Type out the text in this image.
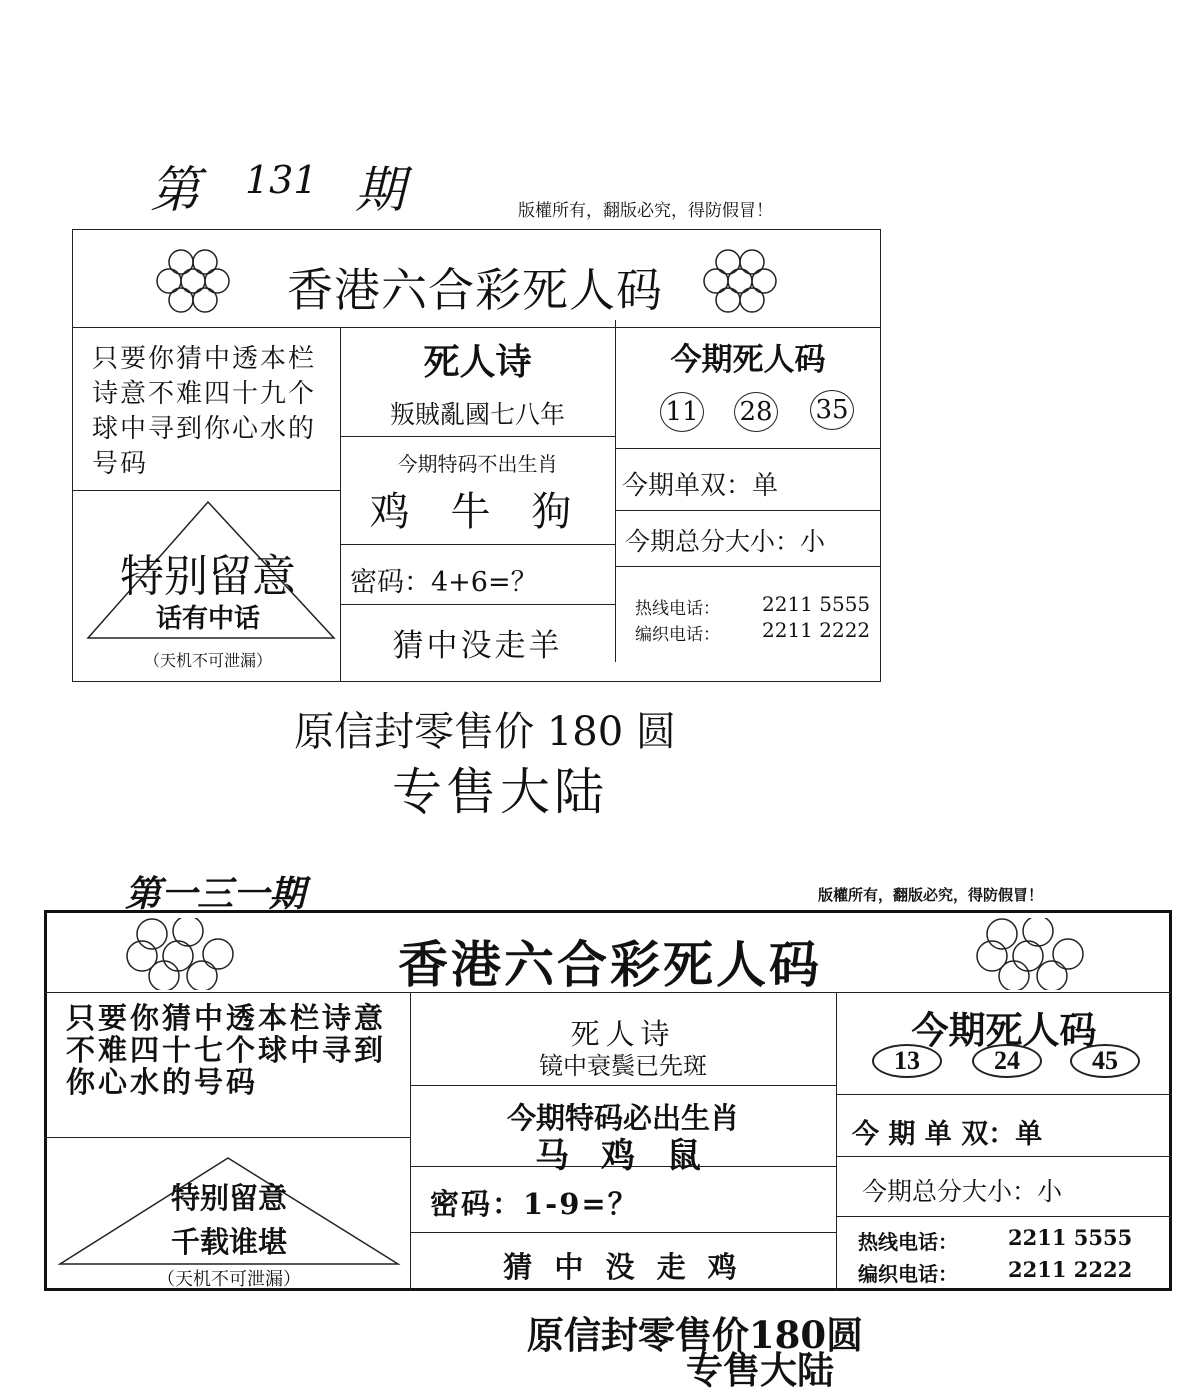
第 131 期	版權所有，翻版必究，得防假冒！
香港六合彩死人码
只要你猜中透本栏诗意不难四十九个球中寻到你心水的号码
特别留意
话有中话
（天机不可泄漏）
死人诗
叛賊亂國七八年
今期特码不出生肖
鸡 牛 狗
密码：4+6=？
猜中没走羊
今期死人码
11 28 35
今期单双：单
今期总分大小：小
热线电话： 2211 5555
编织电话： 2211 2222
原信封零售价 180 圆
专售大陆
第一三一期	版權所有，翻版必究，得防假冒！
香港六合彩死人码
只要你猜中透本栏诗意不难四十七个球中寻到你心水的号码
特别留意
千载谁堪
（天机不可泄漏）
死人诗
镜中衰鬓已先斑
今期特码必出生肖
马 鸡 鼠
密码：1-9=？
猜 中 没 走 鸡
今期死人码
13	24	45
今 期 单 双：单
今期总分大小：小
热线电话： 2211 5555
编织电话： 2211 2222
原信封零售价180圆
专售大陆
